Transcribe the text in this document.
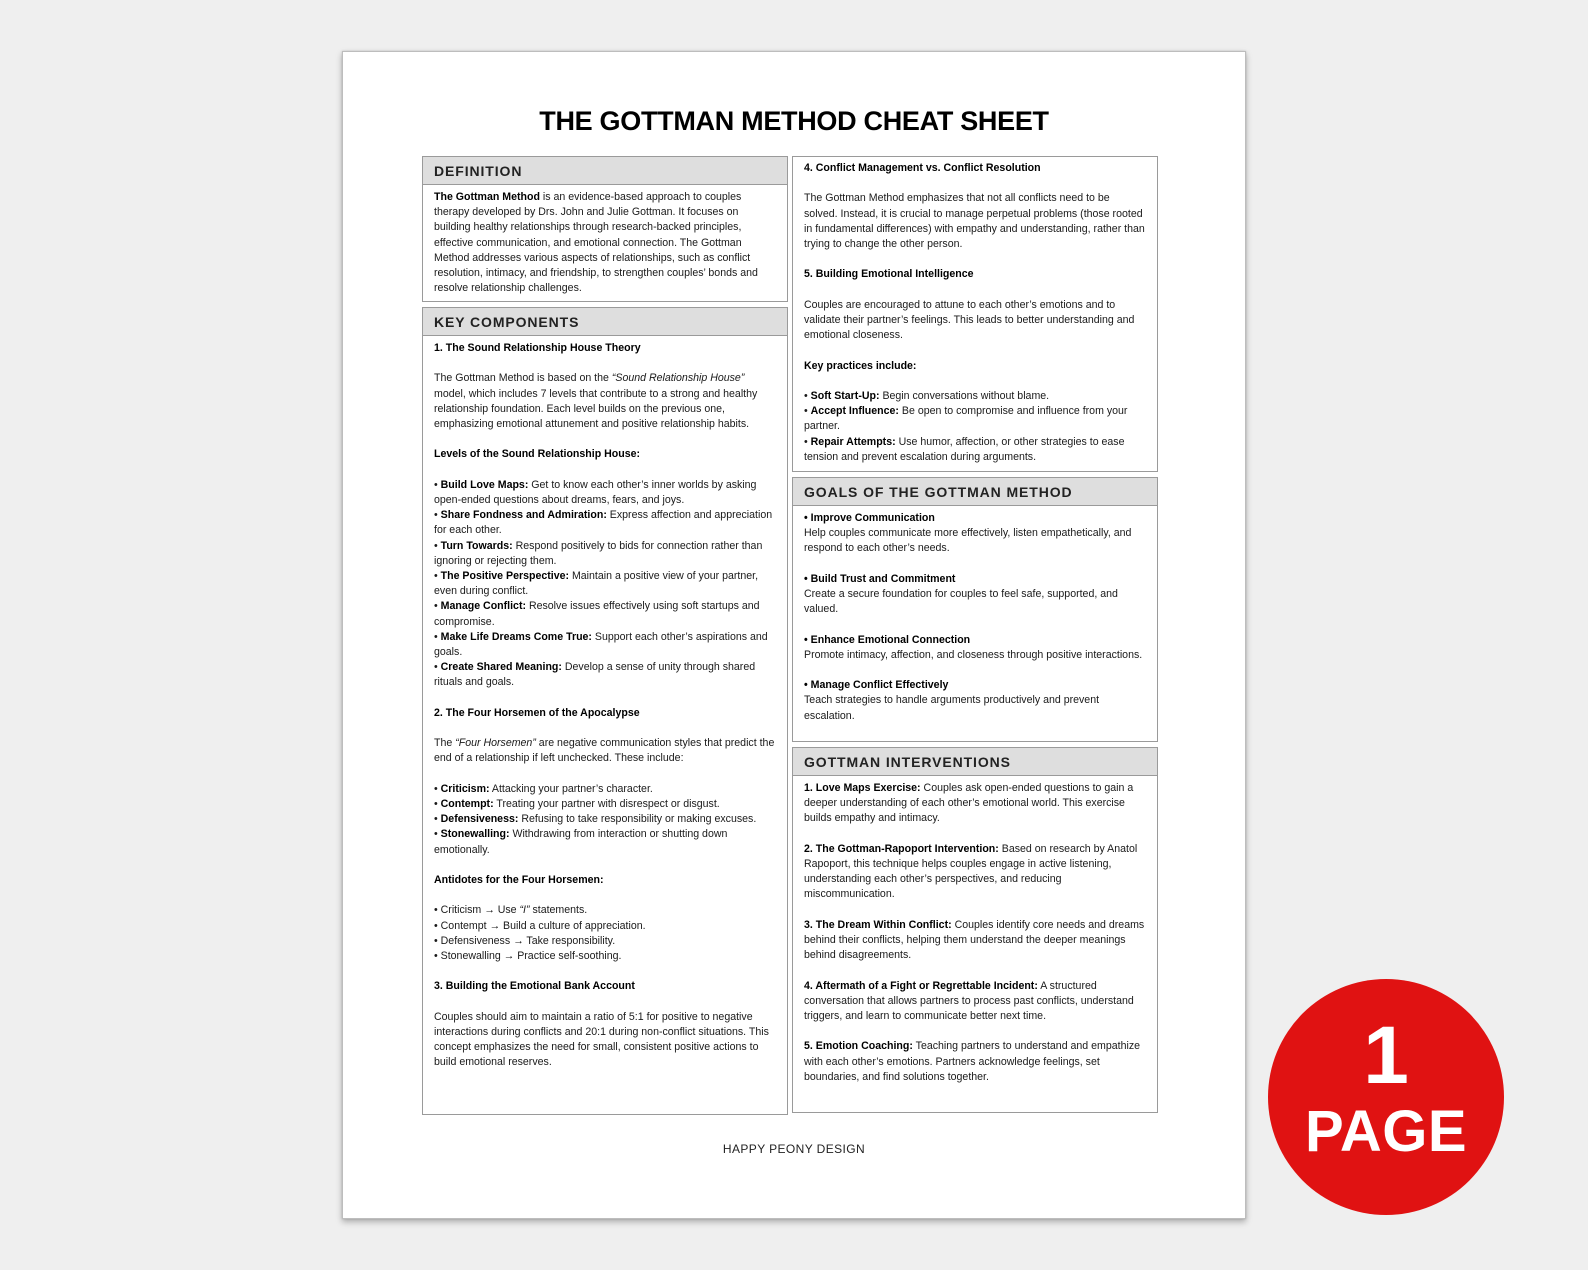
THE GOTTMAN METHOD CHEAT SHEET
DEFINITION

The Gottman Method is an evidence-based approach to couples therapy developed by Drs. John and Julie Gottman. It focuses on building healthy relationships through research-backed principles, effective communication, and emotional connection. The Gottman Method addresses various aspects of relationships, such as conflict resolution, intimacy, and friendship, to strengthen couples’ bonds and resolve relationship challenges.

KEY COMPONENTS

1. The Sound Relationship House Theory

The Gottman Method is based on the “Sound Relationship House” model, which includes 7 levels that contribute to a strong and healthy relationship foundation. Each level builds on the previous one, emphasizing emotional attunement and positive relationship habits.

Levels of the Sound Relationship House:

• Build Love Maps: Get to know each other’s inner worlds by asking open-ended questions about dreams, fears, and joys.

• Share Fondness and Admiration: Express affection and appreciation for each other.

• Turn Towards: Respond positively to bids for connection rather than ignoring or rejecting them.

• The Positive Perspective: Maintain a positive view of your partner, even during conflict.

• Manage Conflict: Resolve issues effectively using soft startups and compromise.

• Make Life Dreams Come True: Support each other’s aspirations and goals.

• Create Shared Meaning: Develop a sense of unity through shared rituals and goals.

2. The Four Horsemen of the Apocalypse

The “Four Horsemen” are negative communication styles that predict the end of a relationship if left unchecked. These include:

• Criticism: Attacking your partner’s character.

• Contempt: Treating your partner with disrespect or disgust.

• Defensiveness: Refusing to take responsibility or making excuses.

• Stonewalling: Withdrawing from interaction or shutting down emotionally.

Antidotes for the Four Horsemen:

• Criticism → Use “I” statements.

• Contempt → Build a culture of appreciation.

• Defensiveness → Take responsibility.

• Stonewalling → Practice self-soothing.

3. Building the Emotional Bank Account

Couples should aim to maintain a ratio of 5:1 for positive to negative interactions during conflicts and 20:1 during non-conflict situations. This concept emphasizes the need for small, consistent positive actions to build emotional reserves.

4. Conflict Management vs. Conflict Resolution

The Gottman Method emphasizes that not all conflicts need to be solved. Instead, it is crucial to manage perpetual problems (those rooted in fundamental differences) with empathy and understanding, rather than trying to change the other person.

5. Building Emotional Intelligence

Couples are encouraged to attune to each other’s emotions and to validate their partner’s feelings. This leads to better understanding and emotional closeness.

Key practices include:

• Soft Start-Up: Begin conversations without blame.

• Accept Influence: Be open to compromise and influence from your partner.

• Repair Attempts: Use humor, affection, or other strategies to ease tension and prevent escalation during arguments.

GOALS OF THE GOTTMAN METHOD

• Improve Communication

Help couples communicate more effectively, listen empathetically, and respond to each other’s needs.

• Build Trust and Commitment

Create a secure foundation for couples to feel safe, supported, and valued.

• Enhance Emotional Connection

Promote intimacy, affection, and closeness through positive interactions.

• Manage Conflict Effectively

Teach strategies to handle arguments productively and prevent escalation.

GOTTMAN INTERVENTIONS

1. Love Maps Exercise: Couples ask open-ended questions to gain a deeper understanding of each other’s emotional world. This exercise builds empathy and intimacy.

2. The Gottman-Rapoport Intervention: Based on research by Anatol Rapoport, this technique helps couples engage in active listening, understanding each other’s perspectives, and reducing miscommunication.

3. The Dream Within Conflict: Couples identify core needs and dreams behind their conflicts, helping them understand the deeper meanings behind disagreements.

4. Aftermath of a Fight or Regrettable Incident: A structured conversation that allows partners to process past conflicts, understand triggers, and learn to communicate better next time.

5. Emotion Coaching: Teaching partners to understand and empathize with each other’s emotions. Partners acknowledge feelings, set boundaries, and find solutions together.

HAPPY PEONY DESIGN
1
PAGE
